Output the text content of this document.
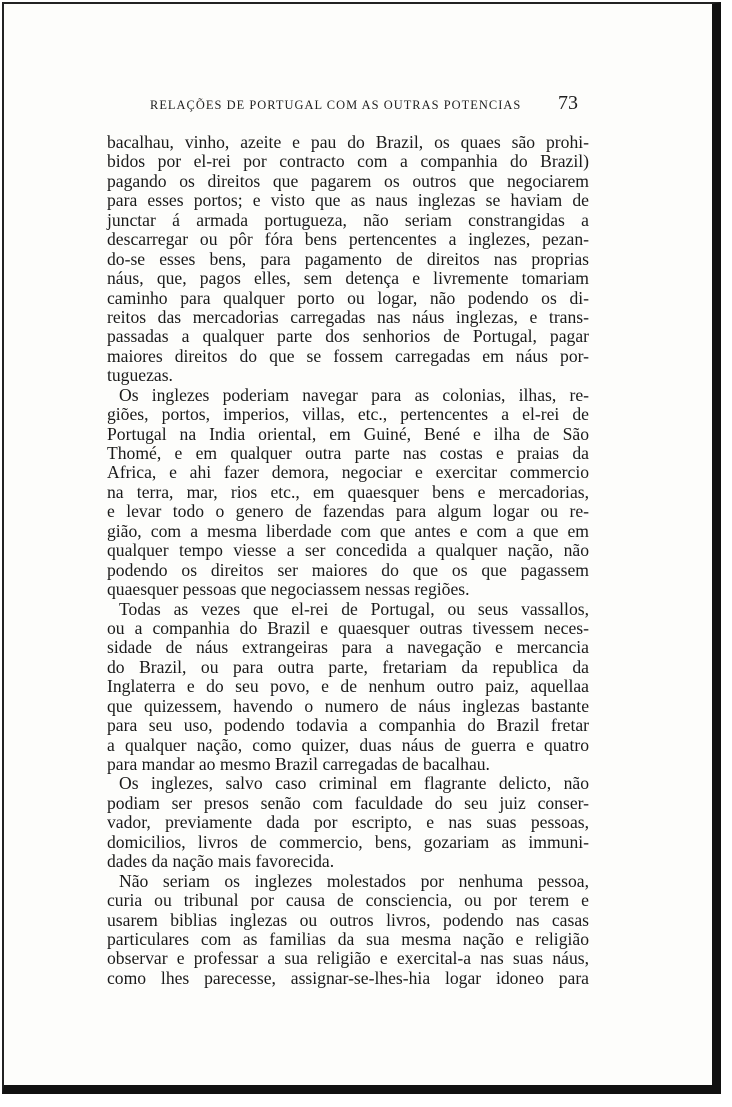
RELAÇÕES DE PORTUGAL COM AS OUTRAS POTENCIAS 73

bacalhau, vinho, azeite e pau do Brazil, os quaes são prohi-
bidos por el-rei por contracto com a companhia do Brazil)
pagando os direitos que pagarem os outros que negociarem
para esses portos; e visto que as naus inglezas se haviam de
junctar á armada portugueza, não seriam constrangidas a
descarregar ou pôr fóra bens pertencentes a inglezes, pezan-
do-se esses bens, para pagamento de direitos nas proprias
náus, que, pagos elles, sem detença e livremente tomariam
caminho para qualquer porto ou logar, não podendo os di-
reitos das mercadorias carregadas nas náus inglezas, e trans-
passadas a qualquer parte dos senhorios de Portugal, pagar
maiores direitos do que se fossem carregadas em náus por-
tuguezas.

Os inglezes poderiam navegar para as colonias, ilhas, re-
giões, portos, imperios, villas, etc., pertencentes a el-rei de
Portugal na India oriental, em Guiné, Bené e ilha de São
Thomé, e em qualquer outra parte nas costas e praias da
Africa, e ahi fazer demora, negociar e exercitar commercio
na terra, mar, rios etc., em quaesquer bens e mercadorias,
e levar todo o genero de fazendas para algum logar ou re-
gião, com a mesma liberdade com que antes e com a que em
qualquer tempo viesse a ser concedida a qualquer nação, não
podendo os direitos ser maiores do que os que pagassem
quaesquer pessoas que negociassem nessas regiões.

Todas as vezes que el-rei de Portugal, ou seus vassallos,
ou a companhia do Brazil e quaesquer outras tivessem neces-
sidade de náus extrangeiras para a navegação e mercancia
do Brazil, ou para outra parte, fretariam da republica da
Inglaterra e do seu povo, e de nenhum outro paiz, aquellaa
que quizessem, havendo o numero de náus inglezas bastante
para seu uso, podendo todavia a companhia do Brazil fretar
a qualquer nação, como quizer, duas náus de guerra e quatro
para mandar ao mesmo Brazil carregadas de bacalhau.

Os inglezes, salvo caso criminal em flagrante delicto, não
podiam ser presos senão com faculdade do seu juiz conser-
vador, previamente dada por escripto, e nas suas pessoas,
domicilios, livros de commercio, bens, gozariam as immuni-
dades da nação mais favorecida.

Não seriam os inglezes molestados por nenhuma pessoa,
curia ou tribunal por causa de consciencia, ou por terem e
usarem biblias inglezas ou outros livros, podendo nas casas
particulares com as familias da sua mesma nação e religião
observar e professar a sua religião e exercital-a nas suas náus,
como lhes parecesse, assignar-se-lhes-hia logar idoneo para
